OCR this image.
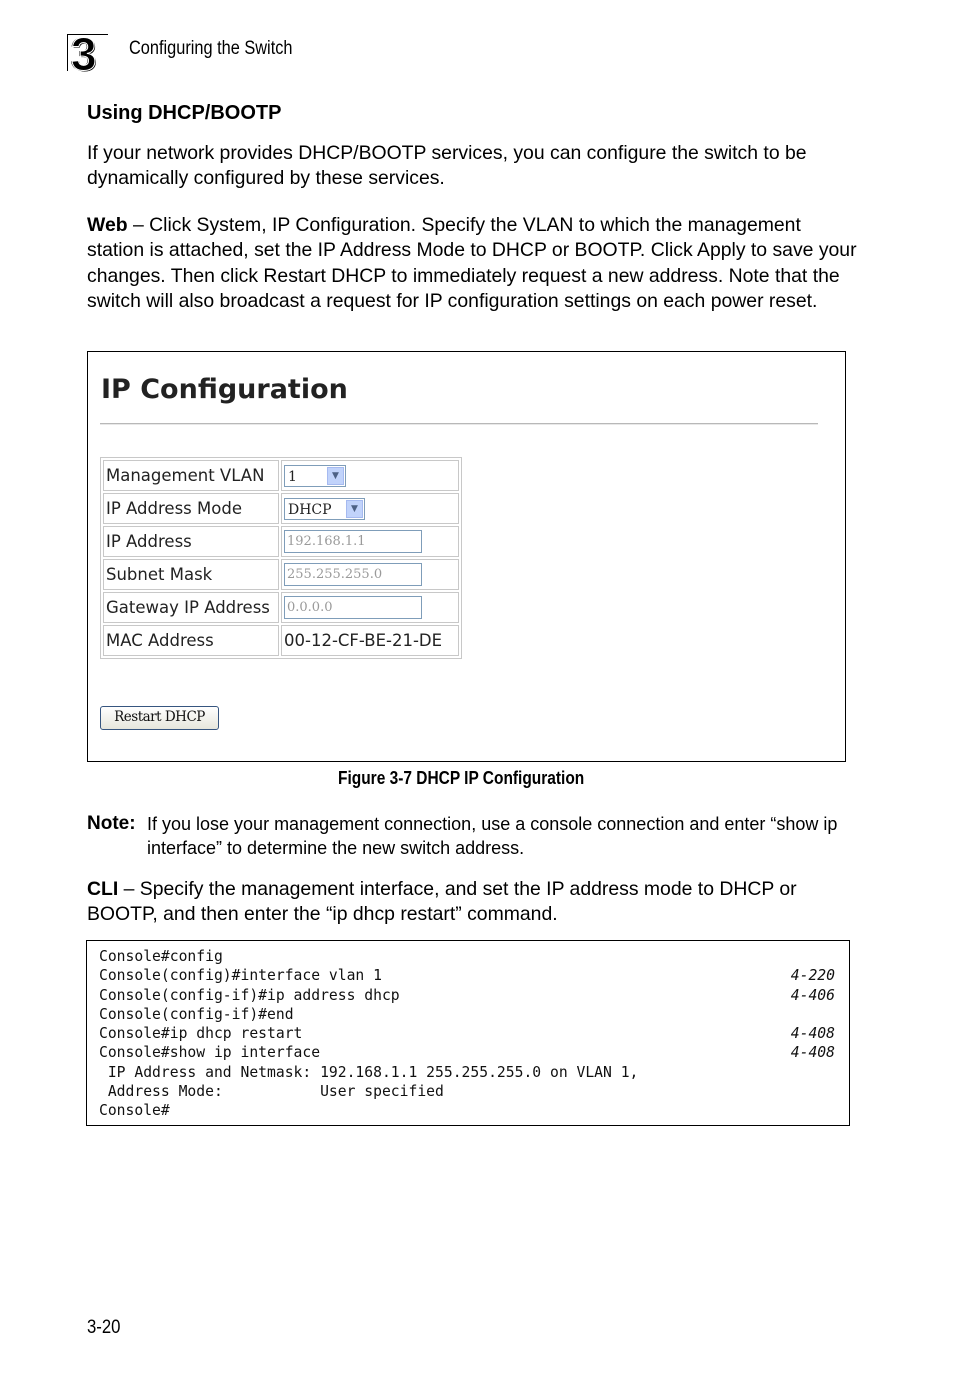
3 Configuring the Switch
Using DHCP/BOOTP

If your network provides DHCP/BOOTP services, you can configure the switch to be dynamically configured by these services.

Web – Click System, IP Configuration. Specify the VLAN to which the management station is attached, set the IP Address Mode to DHCP or BOOTP. Click Apply to save your changes. Then click Restart DHCP to immediately request a new address. Note that the switch will also broadcast a request for IP configuration settings on each power reset.

IP Configuration
Management VLAN	1 ▼

IP Address Mode	DHCP ▼

IP Address	192.168.1.1
Subnet Mask	255.255.255.0
Gateway IP Address	0.0.0.0
MAC Address	00-12-CF-BE-21-DE
Restart DHCP
Figure 3-7 DHCP IP Configuration
Note: If you lose your management connection, use a console connection and enter “show ip interface” to determine the new switch address.

CLI – Specify the management interface, and set the IP address mode to DHCP or BOOTP, and then enter the “ip dhcp restart” command.

Console#config
Console(config)#interface vlan 1	4-220
Console(config-if)#ip address dhcp	4-406
Console(config-if)#end
Console#ip dhcp restart	4-408
Console#show ip interface	4-408
IP Address and Netmask: 192.168.1.1 255.255.255.0 on VLAN 1,
Address Mode:           User specified
Console#
3-20
